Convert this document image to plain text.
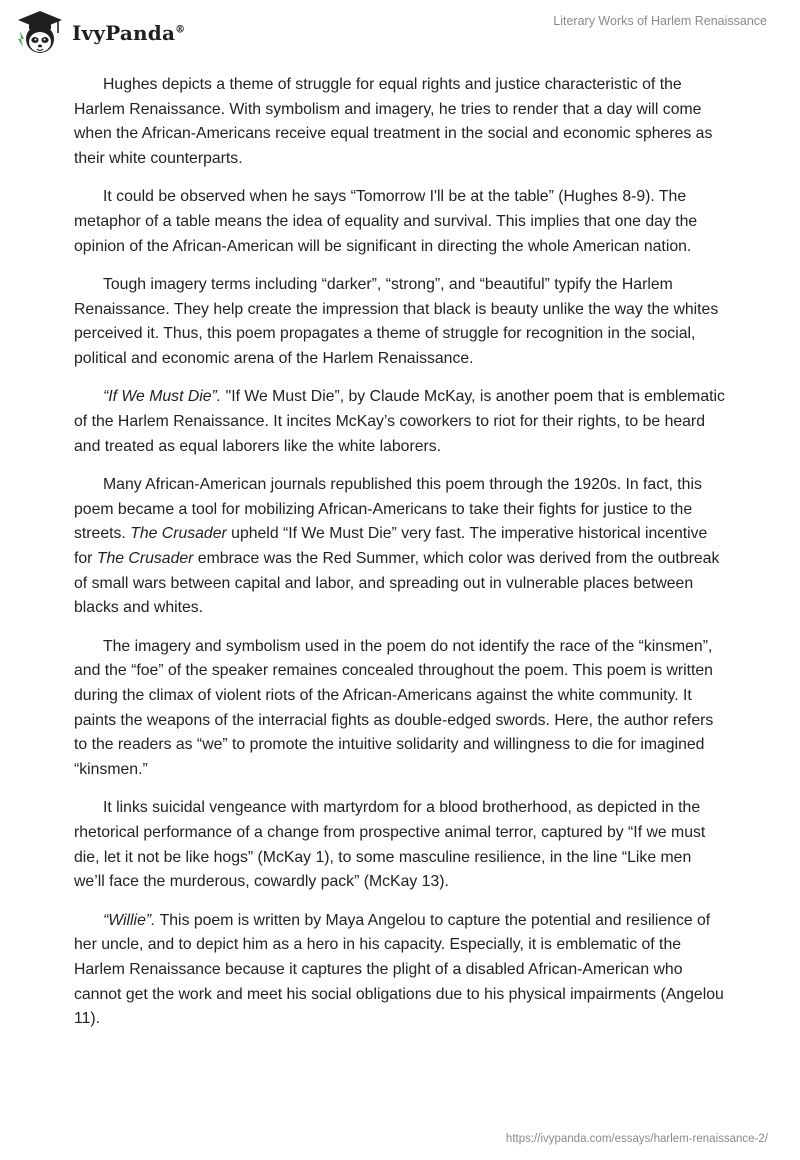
IvyPanda®
Literary Works of Harlem Renaissance

Hughes depicts a theme of struggle for equal rights and justice characteristic of the Harlem Renaissance. With symbolism and imagery, he tries to render that a day will come when the African-Americans receive equal treatment in the social and economic spheres as their white counterparts.

It could be observed when he says “Tomorrow I'll be at the table” (Hughes 8-9). The metaphor of a table means the idea of equality and survival. This implies that one day the opinion of the African-American will be significant in directing the whole American nation.

Tough imagery terms including “darker”, “strong”, and “beautiful” typify the Harlem Renaissance. They help create the impression that black is beauty unlike the way the whites perceived it. Thus, this poem propagates a theme of struggle for recognition in the social, political and economic arena of the Harlem Renaissance.

“If We Must Die”. "If We Must Die”, by Claude McKay, is another poem that is emblematic of the Harlem Renaissance. It incites McKay’s coworkers to riot for their rights, to be heard and treated as equal laborers like the white laborers.

Many African-American journals republished this poem through the 1920s. In fact, this poem became a tool for mobilizing African-Americans to take their fights for justice to the streets. The Crusader upheld “If We Must Die” very fast. The imperative historical incentive for The Crusader embrace was the Red Summer, which color was derived from the outbreak of small wars between capital and labor, and spreading out in vulnerable places between blacks and whites.

The imagery and symbolism used in the poem do not identify the race of the “kinsmen”, and the “foe” of the speaker remaines concealed throughout the poem. This poem is written during the climax of violent riots of the African-Americans against the white community. It paints the weapons of the interracial fights as double-edged swords. Here, the author refers to the readers as “we” to promote the intuitive solidarity and willingness to die for imagined “kinsmen.”

It links suicidal vengeance with martyrdom for a blood brotherhood, as depicted in the rhetorical performance of a change from prospective animal terror, captured by “If we must die, let it not be like hogs” (McKay 1), to some masculine resilience, in the line “Like men we’ll face the murderous, cowardly pack” (McKay 13).

“Willie”. This poem is written by Maya Angelou to capture the potential and resilience of her uncle, and to depict him as a hero in his capacity. Especially, it is emblematic of the Harlem Renaissance because it captures the plight of a disabled African-American who cannot get the work and meet his social obligations due to his physical impairments (Angelou 11).

https://ivypanda.com/essays/harlem-renaissance-2/
